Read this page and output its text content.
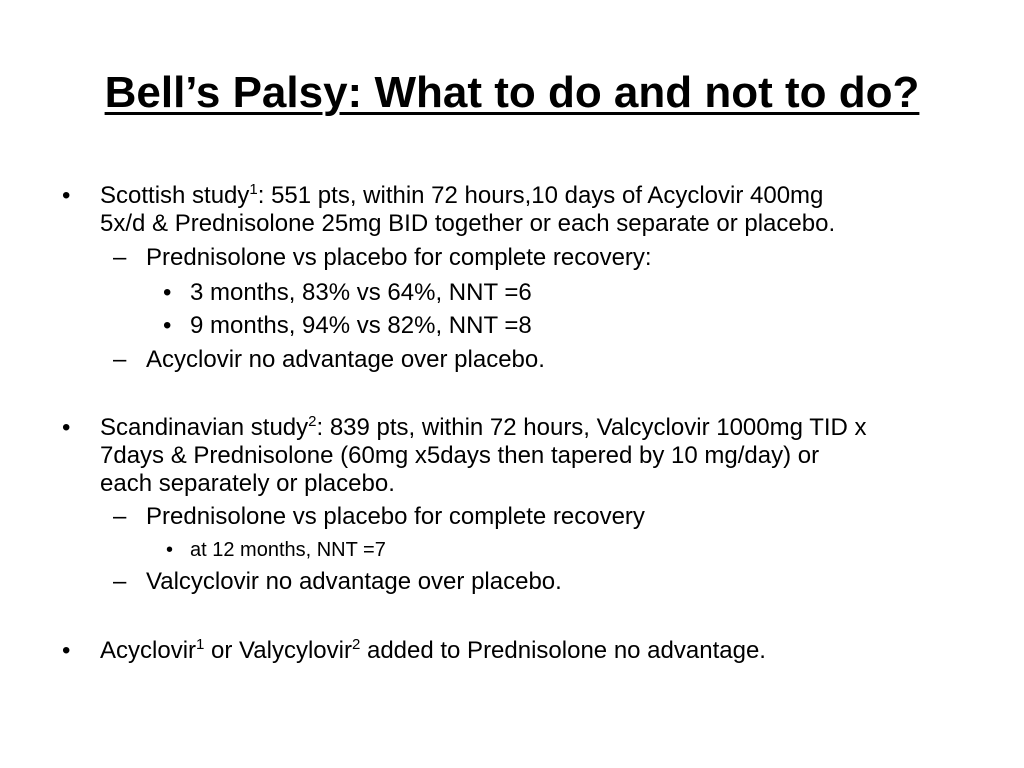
Bell’s Palsy: What to do and not to do?
• Scottish study$^1$: 551 pts, within 72 hours,10 days of Acyclovir 400mg
5x/d & Prednisolone 25mg BID together or each separate or placebo.
– Prednisolone vs placebo for complete recovery:
• 3 months, 83% vs 64%, NNT =6
• 9 months, 94% vs 82%, NNT =8
– Acyclovir no advantage over placebo.
• Scandinavian study$^2$: 839 pts, within 72 hours, Valcyclovir 1000mg TID x
7days & Prednisolone (60mg x5days then tapered by 10 mg/day) or
each separately or placebo.
– Prednisolone vs placebo for complete recovery
• at 12 months, NNT =7
– Valcyclovir no advantage over placebo.
• Acyclovir$^1$ or Valycylovir$^2$ added to Prednisolone no advantage.
